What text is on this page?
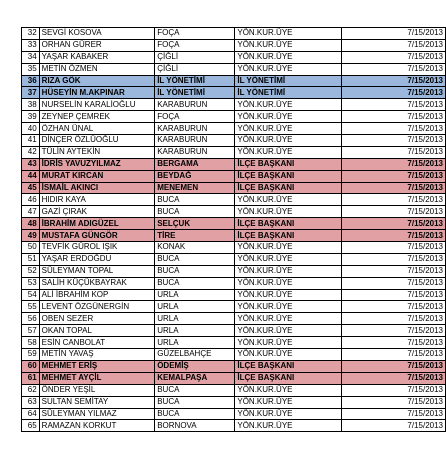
32	SEVGİ KOSOVA	FOÇA	YÖN.KUR.ÜYE	7/15/2013
33	ORHAN GÜRER	FOÇA	YÖN.KUR.ÜYE	7/15/2013
34	YAŞAR KABAKER	ÇİĞLİ	YÖN.KUR.ÜYE	7/15/2013
35	METİN ÖZMEN	ÇİĞLİ	YÖN.KUR.ÜYE	7/15/2013
36	RIZA GÖK	İL YÖNETİMİ	İL YÖNETİMİ	7/15/2013
37	HÜSEYİN M.AKPINAR	İL YÖNETİMİ	İL YÖNETİMİ	7/15/2013
38	NURSELİN KARALİOĞLU	KARABURUN	YÖN.KUR.ÜYE	7/15/2013
39	ZEYNEP ÇEMREK	FOÇA	YÖN.KUR.ÜYE	7/15/2013
40	ÖZHAN ÜNAL	KARABURUN	YÖN.KUR.ÜYE	7/15/2013
41	DİNÇER ÖZLÜOĞLU	KARABURUN	YÖN.KUR.ÜYE	7/15/2013
42	TÜLİN AYTEKİN	KARABURUN	YÖN.KUR.ÜYE	7/15/2013
43	İDRİS YAVUZYILMAZ	BERGAMA	İLÇE BAŞKANI	7/15/2013
44	MURAT KIRCAN	BEYDAĞ	İLÇE BAŞKANI	7/15/2013
45	İSMAİL AKINCI	MENEMEN	İLÇE BAŞKANI	7/15/2013
46	HIDIR KAYA	BUCA	YÖN.KUR.ÜYE	7/15/2013
47	GAZİ ÇIRAK	BUCA	YÖN.KUR.ÜYE	7/15/2013
48	İBRAHİM ADIGÜZEL	SELÇUK	İLÇE BAŞKANI	7/15/2013
49	MUSTAFA GÜNGÖR	TİRE	İLÇE BAŞKANI	7/15/2013
50	TEVFİK GÜROL IŞIK	KONAK	YÖN.KUR.ÜYE	7/15/2013
51	YAŞAR ERDOĞDU	BUCA	YÖN.KUR.ÜYE	7/15/2013
52	SÜLEYMAN TOPAL	BUCA	YÖN.KUR.ÜYE	7/15/2013
53	SALİH KÜÇÜKBAYRAK	BUCA	YÖN.KUR.ÜYE	7/15/2013
54	ALİ İBRAHİM KOP	URLA	YÖN.KUR.ÜYE	7/15/2013
55	LEVENT ÖZGÜNERGİN	URLA	YÖN.KUR.ÜYE	7/15/2013
56	OBEN SEZER	URLA	YÖN.KUR.ÜYE	7/15/2013
57	OKAN TOPAL	URLA	YÖN.KUR.ÜYE	7/15/2013
58	ESİN CANBOLAT	URLA	YÖN.KUR.ÜYE	7/15/2013
59	METİN YAVAŞ	GÜZELBAHÇE	YÖN.KUR.ÜYE	7/15/2013
60	MEHMET ERİŞ	ÖDEMİŞ	İLÇE BAŞKANI	7/15/2013
61	MEHMET AYÇİL	KEMALPAŞA	İLÇE BAŞKANI	7/15/2013
62	ÖNDER YEŞİL	BUCA	YÖN.KUR.ÜYE	7/15/2013
63	SULTAN SEMİTAY	BUCA	YÖN.KUR.ÜYE	7/15/2013
64	SÜLEYMAN YILMAZ	BUCA	YÖN.KUR.ÜYE	7/15/2013
65	RAMAZAN KORKUT	BORNOVA	YÖN.KUR.ÜYE	7/15/2013
